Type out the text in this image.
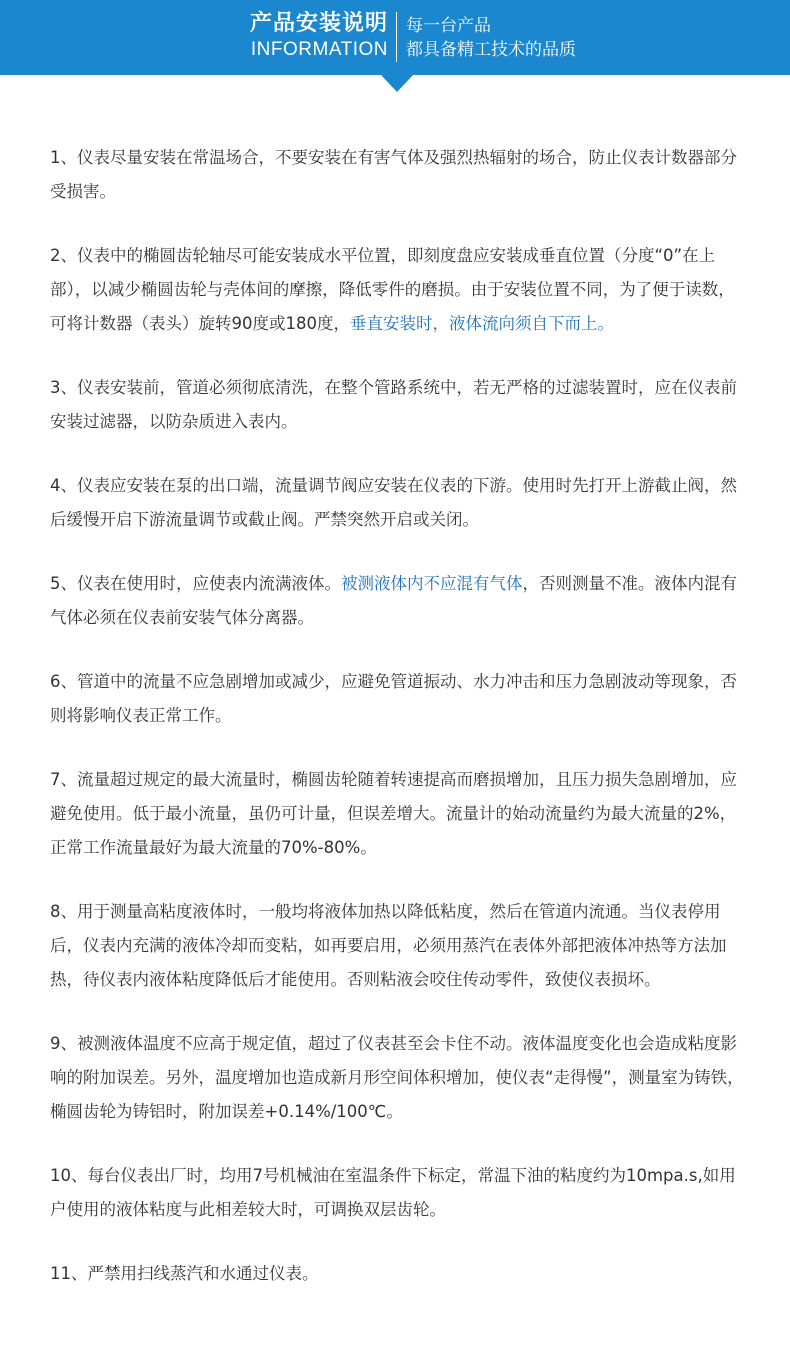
产品安装说明
INFORMATION
每一台产品
都具备精工技术的品质

1、仪表尽量安装在常温场合，不要安装在有害气体及强烈热辐射的场合，防止仪表计数器部分受损害。

2、仪表中的椭圆齿轮轴尽可能安装成水平位置，即刻度盘应安装成垂直位置（分度“0”在上部），以减少椭圆齿轮与壳体间的摩擦，降低零件的磨损。由于安装位置不同，为了便于读数，可将计数器（表头）旋转90度或180度，垂直安装时，液体流向须自下而上。

3、仪表安装前，管道必须彻底清洗，在整个管路系统中，若无严格的过滤装置时，应在仪表前安装过滤器，以防杂质进入表内。

4、仪表应安装在泵的出口端，流量调节阀应安装在仪表的下游。使用时先打开上游截止阀，然后缓慢开启下游流量调节或截止阀。严禁突然开启或关闭。

5、仪表在使用时，应使表内流满液体。被测液体内不应混有气体，否则测量不准。液体内混有气体必须在仪表前安装气体分离器。

6、管道中的流量不应急剧增加或减少，应避免管道振动、水力冲击和压力急剧波动等现象，否则将影响仪表正常工作。

7、流量超过规定的最大流量时，椭圆齿轮随着转速提高而磨损增加，且压力损失急剧增加，应避免使用。低于最小流量，虽仍可计量，但误差增大。流量计的始动流量约为最大流量的2%，正常工作流量最好为最大流量的70%-80%。

8、用于测量高粘度液体时，一般均将液体加热以降低粘度，然后在管道内流通。当仪表停用后，仪表内充满的液体冷却而变粘，如再要启用，必须用蒸汽在表体外部把液体冲热等方法加热，待仪表内液体粘度降低后才能使用。否则粘液会咬住传动零件，致使仪表损坏。

9、被测液体温度不应高于规定值，超过了仪表甚至会卡住不动。液体温度变化也会造成粘度影响的附加误差。另外，温度增加也造成新月形空间体积增加，使仪表“走得慢”，测量室为铸铁，椭圆齿轮为铸铝时，附加误差+0.14%/100℃。

10、每台仪表出厂时，均用7号机械油在室温条件下标定，常温下油的粘度约为10mpa.s,如用户使用的液体粘度与此相差较大时，可调换双层齿轮。

11、严禁用扫线蒸汽和水通过仪表。
